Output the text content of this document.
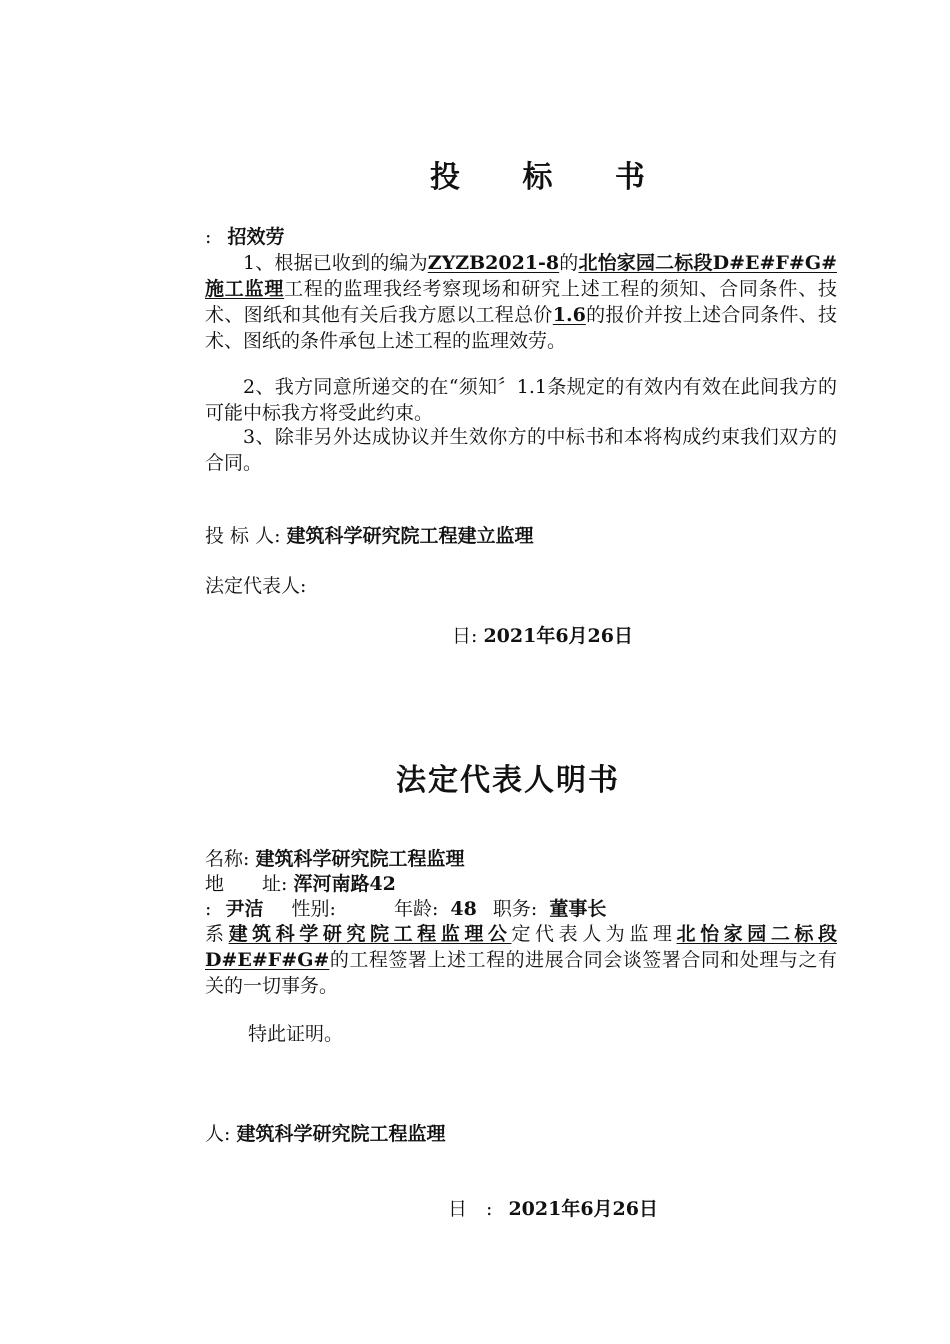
投 标 书
: 招效劳
1、根据已收到的编为ZYZB2021-8的北怡家园二标段D#E#F#G#施工监理工程的监理我经考察现场和研究上述工程的须知、合同条件、技术、图纸和其他有关后我方愿以工程总价1.6的报价并按上述合同条件、技术、图纸的条件承包上述工程的监理效劳。
2、我方同意所递交的在“须知〞1.1条规定的有效内有效在此间我方的可能中标我方将受此约束。
3、除非另外达成协议并生效你方的中标书和本将构成约束我们双方的合同。
投 标 人: 建筑科学研究院工程建立监理
法定代表人:
日: 2021年6月26日
法定代表人明书
名称: 建筑科学研究院工程监理
地　　址: 浑河南路42
: 尹洁 性别:	年龄: 48 职务: 董事长
系建筑科学研究院工程监理公定代表人为监理北怡家园二标段D#E#F#G#的工程签署上述工程的进展合同会谈签署合同和处理与之有关的一切事务。
特此证明。
人: 建筑科学研究院工程监理
日　: 2021年6月26日
